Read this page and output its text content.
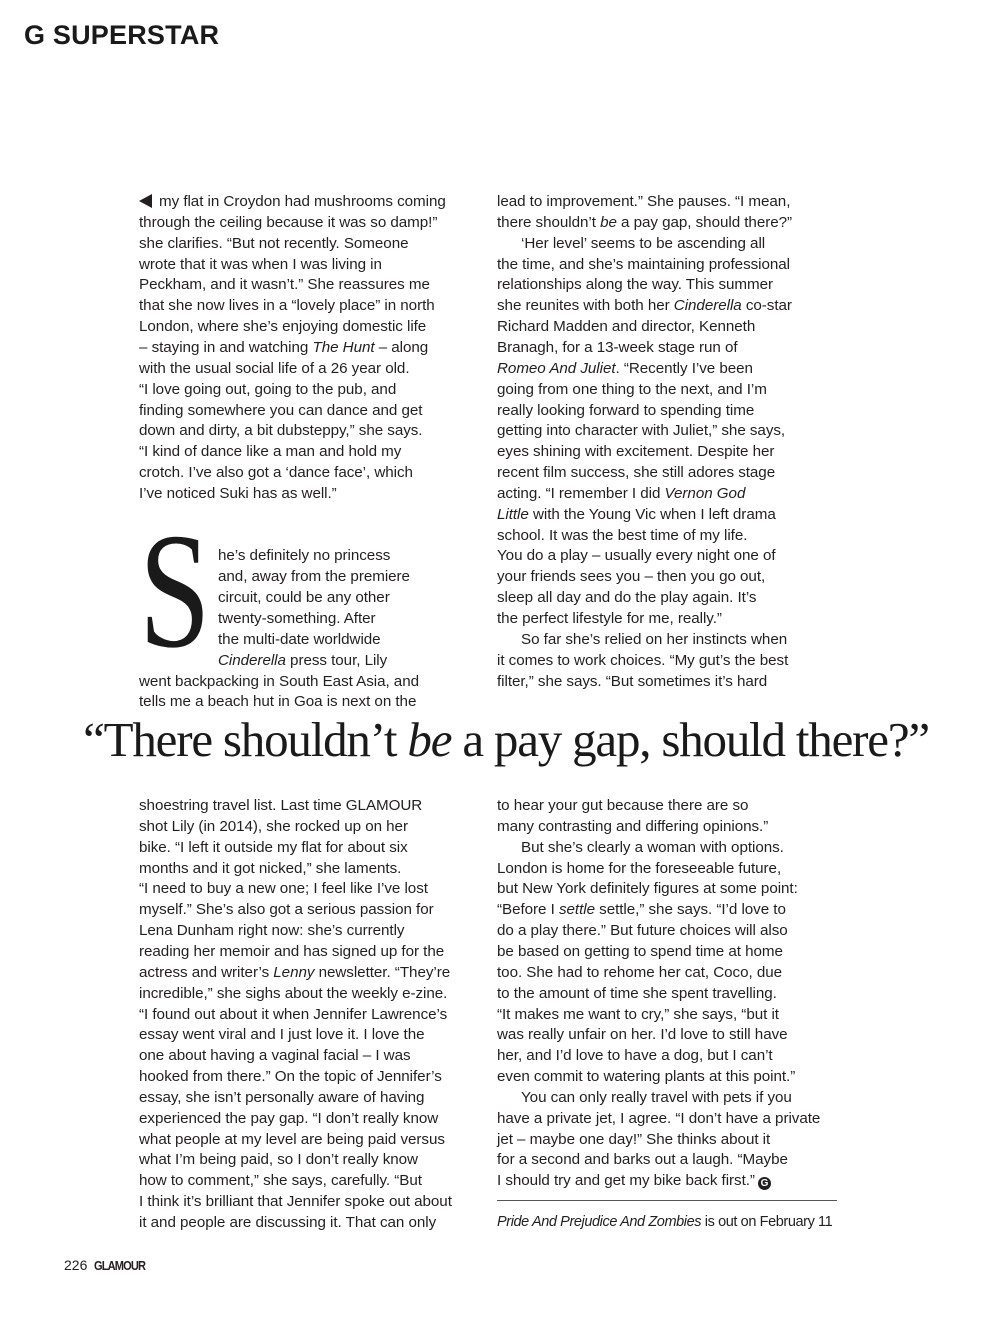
G SUPERSTAR
my flat in Croydon had mushrooms coming
through the ceiling because it was so damp!”
she clarifies. “But not recently. Someone
wrote that it was when I was living in
Peckham, and it wasn’t.” She reassures me
that she now lives in a “lovely place” in north
London, where she’s enjoying domestic life
– staying in and watching The Hunt – along
with the usual social life of a 26 year old.
“I love going out, going to the pub, and
finding somewhere you can dance and get
down and dirty, a bit dubsteppy,” she says.
“I kind of dance like a man and hold my
crotch. I’ve also got a ‘dance face’, which
I’ve noticed Suki has as well.”
he’s definitely no princess
and, away from the premiere
circuit, could be any other
twenty-something. After
the multi-date worldwide
Cinderella press tour, Lily
went backpacking in South East Asia, and
tells me a beach hut in Goa is next on the
lead to improvement.” She pauses. “I mean,
there shouldn’t be a pay gap, should there?”
‘Her level’ seems to be ascending all
the time, and she’s maintaining professional
relationships along the way. This summer
she reunites with both her Cinderella co-star
Richard Madden and director, Kenneth
Branagh, for a 13-week stage run of
Romeo And Juliet. “Recently I’ve been
going from one thing to the next, and I’m
really looking forward to spending time
getting into character with Juliet,” she says,
eyes shining with excitement. Despite her
recent film success, she still adores stage
acting. “I remember I did Vernon God
Little with the Young Vic when I left drama
school. It was the best time of my life.
You do a play – usually every night one of
your friends sees you – then you go out,
sleep all day and do the play again. It’s
the perfect lifestyle for me, really.”
So far she’s relied on her instincts when
it comes to work choices. “My gut’s the best
filter,” she says. “But sometimes it’s hard
S
“There shouldn’t be a pay gap, should there?”
shoestring travel list. Last time GLAMOUR
shot Lily (in 2014), she rocked up on her
bike. “I left it outside my flat for about six
months and it got nicked,” she laments.
“I need to buy a new one; I feel like I’ve lost
myself.” She’s also got a serious passion for
Lena Dunham right now: she’s currently
reading her memoir and has signed up for the
actress and writer’s Lenny newsletter. “They’re
incredible,” she sighs about the weekly e-zine.
“I found out about it when Jennifer Lawrence’s
essay went viral and I just love it. I love the
one about having a vaginal facial – I was
hooked from there.” On the topic of Jennifer’s
essay, she isn’t personally aware of having
experienced the pay gap. “I don’t really know
what people at my level are being paid versus
what I’m being paid, so I don’t really know
how to comment,” she says, carefully. “But
I think it’s brilliant that Jennifer spoke out about
it and people are discussing it. That can only
to hear your gut because there are so
many contrasting and differing opinions.”
But she’s clearly a woman with options.
London is home for the foreseeable future,
but New York definitely figures at some point:
“Before I settle settle,” she says. “I’d love to
do a play there.” But future choices will also
be based on getting to spend time at home
too. She had to rehome her cat, Coco, due
to the amount of time she spent travelling.
“It makes me want to cry,” she says, “but it
was really unfair on her. I’d love to still have
her, and I’d love to have a dog, but I can’t
even commit to watering plants at this point.”
You can only really travel with pets if you
have a private jet, I agree. “I don’t have a private
jet – maybe one day!” She thinks about it
for a second and barks out a laugh. “Maybe
I should try and get my bike back first.” G
Pride And Prejudice And Zombies is out on February 11
226 GLAMOUR
